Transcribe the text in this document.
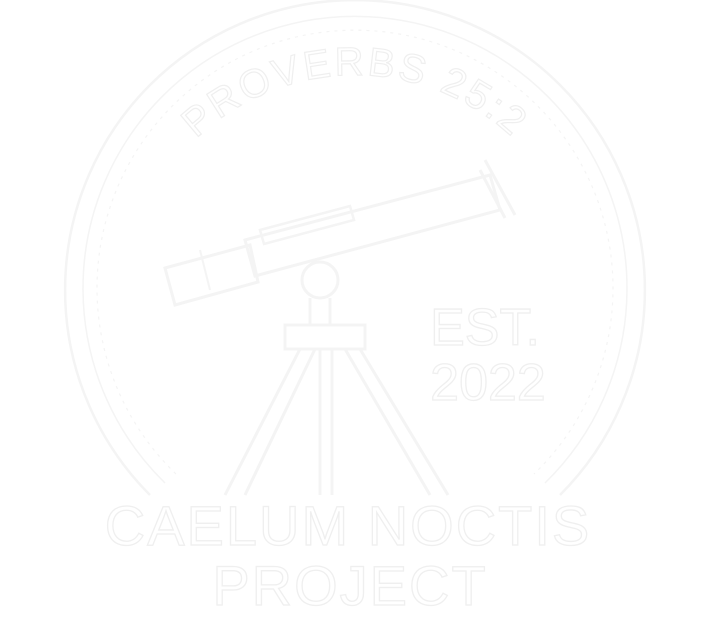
PROVERBS 25:2
EST.
2022
CAELUM NOCTIS
PROJECT
